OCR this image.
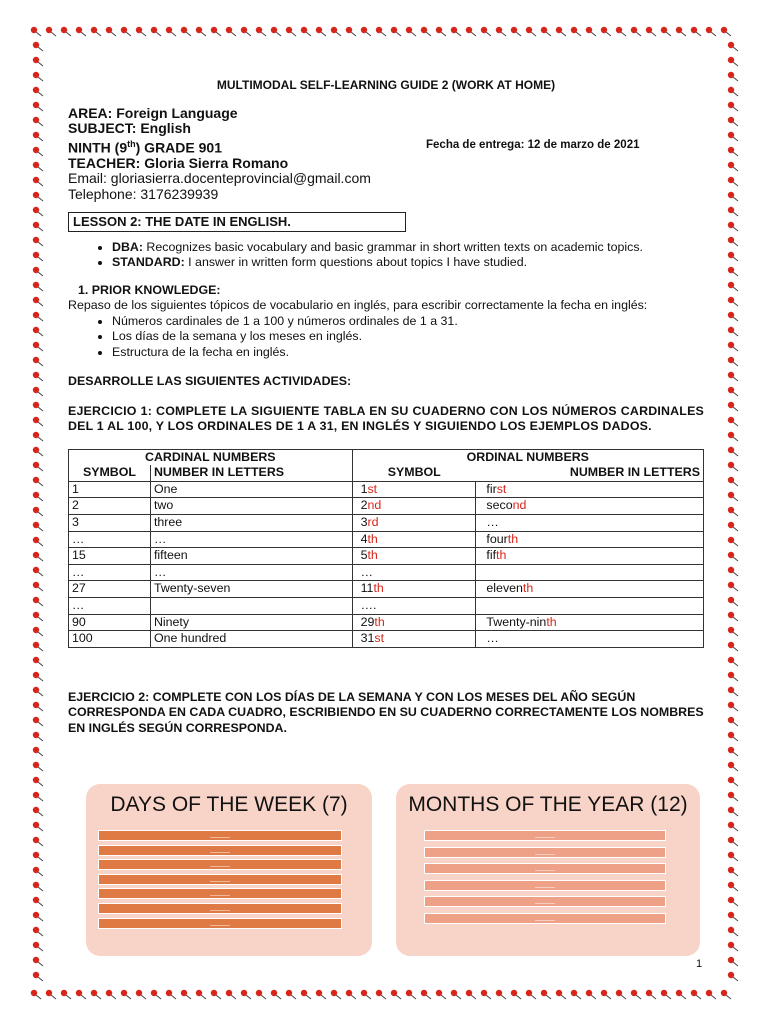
MULTIMODAL SELF-LEARNING GUIDE 2 (WORK AT HOME)
AREA: Foreign Language
SUBJECT: English
NINTH (9th) GRADE 901
TEACHER: Gloria Sierra Romano
Email: gloriasierra.docenteprovincial@gmail.com
Telephone: 3176239939
Fecha de entrega: 12 de marzo de 2021
LESSON 2: THE DATE IN ENGLISH.
• DBA: Recognizes basic vocabulary and basic grammar in short written texts on academic topics.
• STANDARD: I answer in written form questions about topics I have studied.
1. PRIOR KNOWLEDGE:
Repaso de los siguientes tópicos de vocabulario en inglés, para escribir correctamente la fecha en inglés:
• Números cardinales de 1 a 100 y números ordinales de 1 a 31.
• Los días de la semana y los meses en inglés.
• Estructura de la fecha en inglés.
DESARROLLE LAS SIGUIENTES ACTIVIDADES:
EJERCICIO 1: COMPLETE LA SIGUIENTE TABLA EN SU CUADERNO CON LOS NÚMEROS CARDINALES DEL 1 AL 100, Y LOS ORDINALES DE 1 A 31, EN INGLÉS Y SIGUIENDO LOS EJEMPLOS DADOS.
CARDINAL NUMBERS		ORDINAL NUMBERS	
SYMBOL	NUMBER IN LETTERS	SYMBOL	NUMBER IN LETTERS
1	One	1st	first
2	two	2nd	second
3	three	3rd	…
…	…	4th	fourth
15	fifteen	5th	fifth
…	…	…	
27	Twenty-seven	11th	eleventh
…		….	
90	Ninety	29th	Twenty-ninth
100	One hundred	31st	…
EJERCICIO 2: COMPLETE CON LOS DÍAS DE LA SEMANA Y CON LOS MESES DEL AÑO SEGÚN CORRESPONDA EN CADA CUADRO, ESCRIBIENDO EN SU CUADERNO CORRECTAMENTE LOS NOMBRES EN INGLÉS SEGÚN CORRESPONDA.
DAYS OF THE WEEK (7)
_____
_____
_____
_____
_____
_____
_____
MONTHS OF THE YEAR (12)
_____
_____
_____
_____
_____
_____
1
